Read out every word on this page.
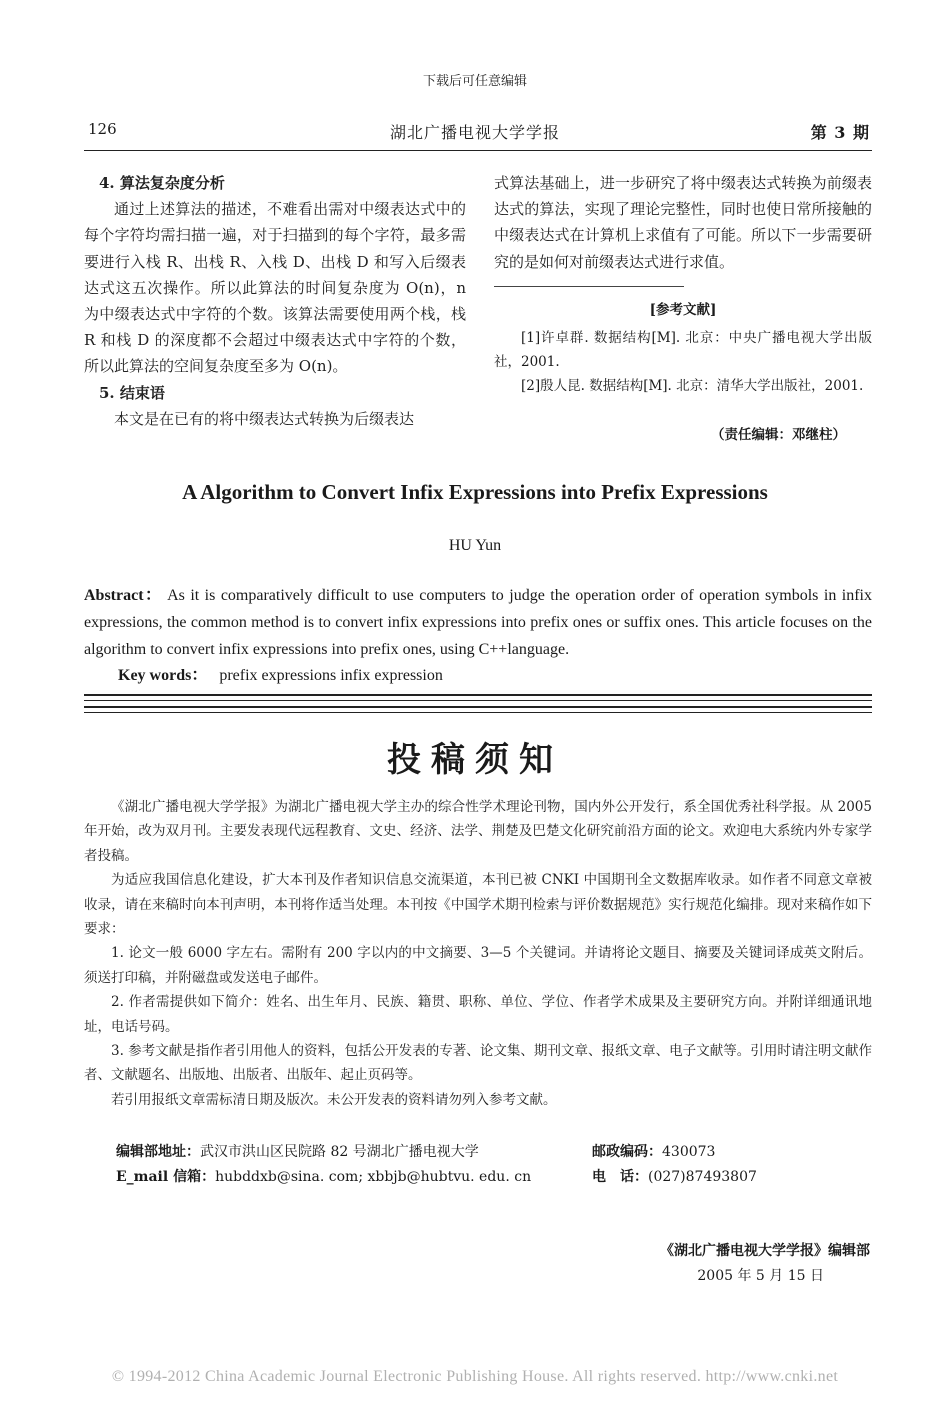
下载后可任意编辑
126	湖北广播电视大学学报	第 3 期

4. 算法复杂度分析

通过上述算法的描述，不难看出需对中缀表达式中的每个字符均需扫描一遍，对于扫描到的每个字符，最多需要进行入栈 R、出栈 R、入栈 D、出栈 D 和写入后缀表达式这五次操作。所以此算法的时间复杂度为 O(n)，n 为中缀表达式中字符的个数。该算法需要使用两个栈，栈 R 和栈 D 的深度都不会超过中缀表达式中字符的个数，所以此算法的空间复杂度至多为 O(n)。

5. 结束语

本文是在已有的将中缀表达式转换为后缀表达

式算法基础上，进一步研究了将中缀表达式转换为前缀表达式的算法，实现了理论完整性，同时也使日常所接触的中缀表达式在计算机上求值有了可能。所以下一步需要研究的是如何对前缀表达式进行求值。

[参考文献]
[1]许卓群. 数据结构[M]. 北京：中央广播电视大学出版社，2001.
[2]殷人昆. 数据结构[M]. 北京：清华大学出版社，2001.
（责任编辑：邓继柱）
A Algorithm to Convert Infix Expressions into Prefix Expressions
HU Yun
Abstract： As it is comparatively difficult to use computers to judge the operation order of operation symbols in infix expressions, the common method is to convert infix expressions into prefix ones or suffix ones. This article focuses on the algorithm to convert infix expressions into prefix ones, using C++language.
Key words： prefix expressions infix expression
投稿须知

《湖北广播电视大学学报》为湖北广播电视大学主办的综合性学术理论刊物，国内外公开发行，系全国优秀社科学报。从 2005 年开始，改为双月刊。主要发表现代远程教育、文史、经济、法学、荆楚及巴楚文化研究前沿方面的论文。欢迎电大系统内外专家学者投稿。

为适应我国信息化建设，扩大本刊及作者知识信息交流渠道，本刊已被 CNKI 中国期刊全文数据库收录。如作者不同意文章被收录，请在来稿时向本刊声明，本刊将作适当处理。本刊按《中国学术期刊检索与评价数据规范》实行规范化编排。现对来稿作如下要求：

1. 论文一般 6000 字左右。需附有 200 字以内的中文摘要、3—5 个关键词。并请将论文题目、摘要及关键词译成英文附后。须送打印稿，并附磁盘或发送电子邮件。

2. 作者需提供如下简介：姓名、出生年月、民族、籍贯、职称、单位、学位、作者学术成果及主要研究方向。并附详细通讯地址，电话号码。

3. 参考文献是指作者引用他人的资料，包括公开发表的专著、论文集、期刊文章、报纸文章、电子文献等。引用时请注明文献作者、文献题名、出版地、出版者、出版年、起止页码等。

若引用报纸文章需标清日期及版次。未公开发表的资料请勿列入参考文献。

编辑部地址：武汉市洪山区民院路 82 号湖北广播电视大学
E_mail 信箱：hubddxb@sina. com; xbbjb@hubtvu. edu. cn
邮政编码：430073
电　话：(027)87493807
《湖北广播电视大学学报》编辑部
2005 年 5 月 15 日
© 1994-2012 China Academic Journal Electronic Publishing House. All rights reserved. http://www.cnki.net
